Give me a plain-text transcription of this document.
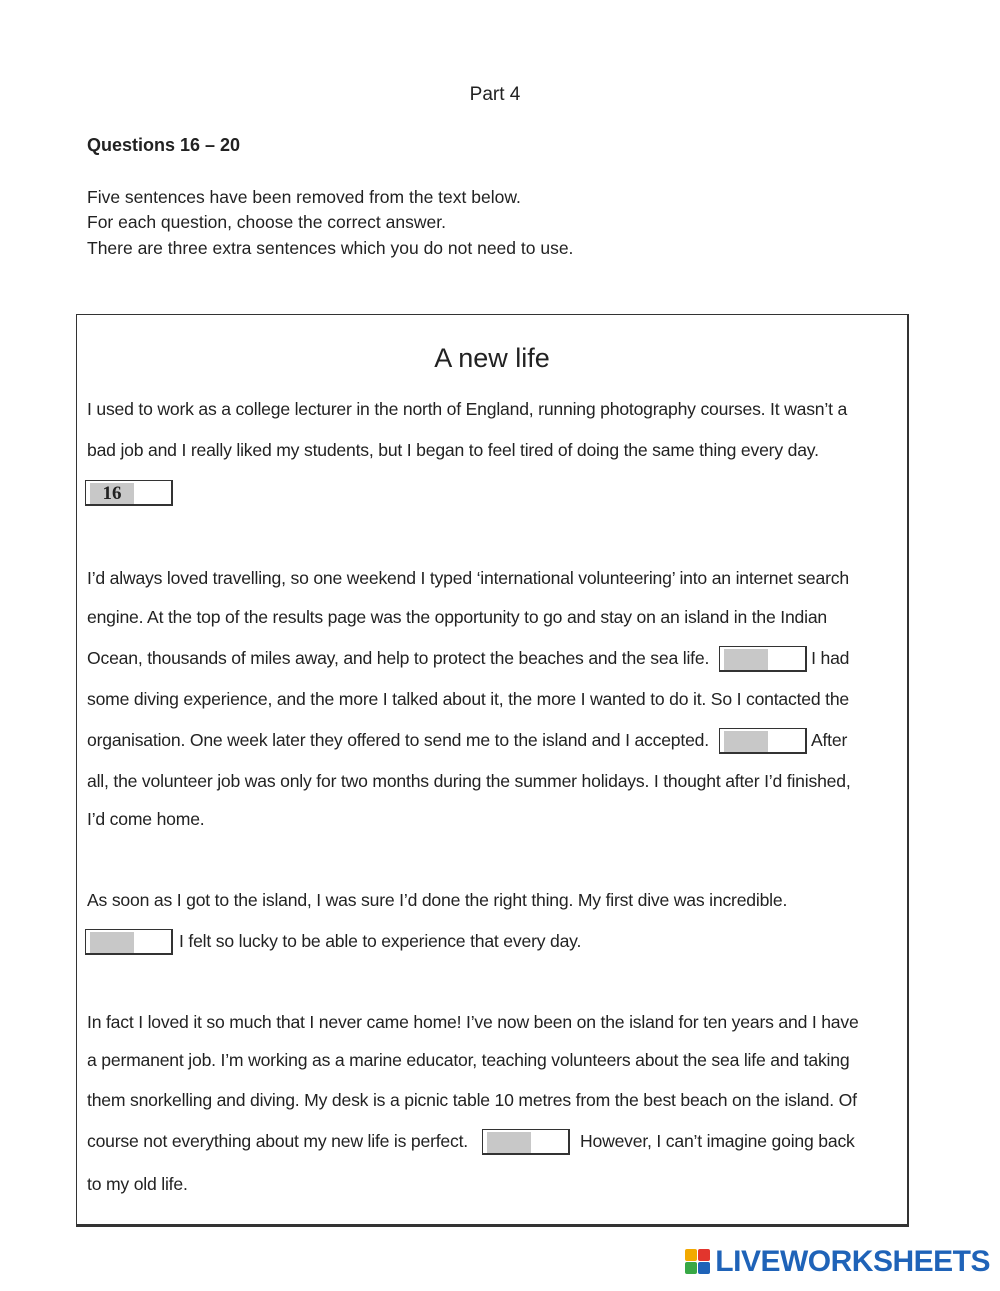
Part 4
Questions 16 – 20
Five sentences have been removed from the text below.
For each question, choose the correct answer.
There are three extra sentences which you do not need to use.
A new life
I used to work as a college lecturer in the north of England, running photography courses. It wasn’t a
bad job and I really liked my students, but I began to feel tired of doing the same thing every day.
16
I’d always loved travelling, so one weekend I typed ‘international volunteering’ into an internet search
engine. At the top of the results page was the opportunity to go and stay on an island in the Indian
Ocean, thousands of miles away, and help to protect the beaches and the sea life.	I had
some diving experience, and the more I talked about it, the more I wanted to do it. So I contacted the
organisation. One week later they offered to send me to the island and I accepted.	After
all, the volunteer job was only for two months during the summer holidays. I thought after I’d finished,
I’d come home.
As soon as I got to the island, I was sure I’d done the right thing. My first dive was incredible.
I felt so lucky to be able to experience that every day.
In fact I loved it so much that I never came home! I’ve now been on the island for ten years and I have
a permanent job. I’m working as a marine educator, teaching volunteers about the sea life and taking
them snorkelling and diving. My desk is a picnic table 10 metres from the best beach on the island. Of
course not everything about my new life is perfect.	However, I can’t imagine going back
to my old life.
LIVEWORKSHEETS
